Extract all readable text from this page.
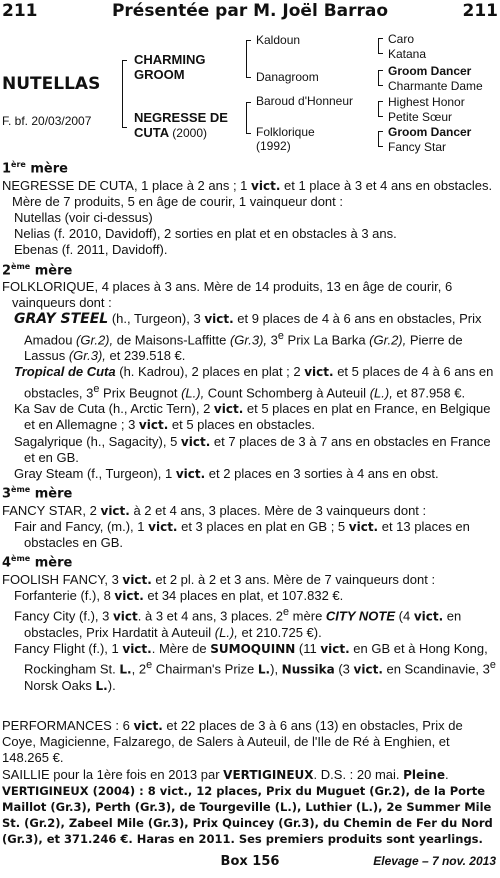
211	Présentée par M. Joël Barrao	211
NUTELLAS
F. bf. 20/03/2007
CHARMING GROOM
NEGRESSE DE CUTA (2000)
Kaldoun
Danagroom
Baroud d'Honneur
Folklorique
(1992)
Caro
Katana
Groom Dancer
Charmante Dame
Highest Honor
Petite Sœur
Groom Dancer
Fancy Star
1ère mère

NEGRESSE DE CUTA, 1 place à 2 ans ; 1 vict. et 1 place à 3 et 4 ans en obstacles. Mère de 7 produits, 5 en âge de courir, 1 vainqueur dont :

Nutellas (voir ci-dessus)

Nelias (f. 2010, Davidoff), 2 sorties en plat et en obstacles à 3 ans.

Ebenas (f. 2011, Davidoff).

2ème mère

FOLKLORIQUE, 4 places à 3 ans. Mère de 14 produits, 13 en âge de courir, 6 vainqueurs dont :

GRAY STEEL (h., Turgeon), 3 vict. et 9 places de 4 à 6 ans en obstacles, Prix Amadou (Gr.2), de Maisons-Laffitte (Gr.3), 3e Prix La Barka (Gr.2), Pierre de Lassus (Gr.3), et 239.518 €.

Tropical de Cuta (h. Kadrou), 2 places en plat ; 2 vict. et 5 places de 4 à 6 ans en obstacles, 3e Prix Beugnot (L.), Count Schomberg à Auteuil (L.), et 87.958 €.

Ka Sav de Cuta (h., Arctic Tern), 2 vict. et 5 places en plat en France, en Belgique et en Allemagne ; 3 vict. et 5 places en obstacles.

Sagalyrique (h., Sagacity), 5 vict. et 7 places de 3 à 7 ans en obstacles en France et en GB.

Gray Steam (f., Turgeon), 1 vict. et 2 places en 3 sorties à 4 ans en obst.

3ème mère

FANCY STAR, 2 vict. à 2 et 4 ans, 3 places. Mère de 3 vainqueurs dont :

Fair and Fancy, (m.), 1 vict. et 3 places en plat en GB ; 5 vict. et 13 places en obstacles en GB.

4ème mère

FOOLISH FANCY, 3 vict. et 2 pl. à 2 et 3 ans. Mère de 7 vainqueurs dont :

Forfanterie (f.), 8 vict. et 34 places en plat, et 107.832 €.

Fancy City (f.), 3 vict. à 3 et 4 ans, 3 places. 2e mère CITY NOTE (4 vict. en obstacles, Prix Hardatit à Auteuil (L.), et 210.725 €).

Fancy Flight (f.), 1 vict.. Mère de SUMOQUINN (11 vict. en GB et à Hong Kong, Rockingham St. L., 2e Chairman's Prize L.), Nussika (3 vict. en Scandinavie, 3e Norsk Oaks L.).

PERFORMANCES : 6 vict. et 22 places de 3 à 6 ans (13) en obstacles, Prix de Coye, Magicienne, Falzarego, de Salers à Auteuil, de l'Ile de Ré à Enghien, et 148.265 €.

SAILLIE pour la 1ère fois en 2013 par VERTIGINEUX. D.S. : 20 mai. Pleine.

VERTIGINEUX (2004) : 8 vict., 12 places, Prix du Muguet (Gr.2), de la Porte Maillot (Gr.3), Perth (Gr.3), de Tourgeville (L.), Luthier (L.), 2e Summer Mile St. (Gr.2), Zabeel Mile (Gr.3), Prix Quincey (Gr.3), du Chemin de Fer du Nord (Gr.3), et 371.246 €. Haras en 2011. Ses premiers produits sont yearlings.

Box 156	Elevage – 7 nov. 2013
